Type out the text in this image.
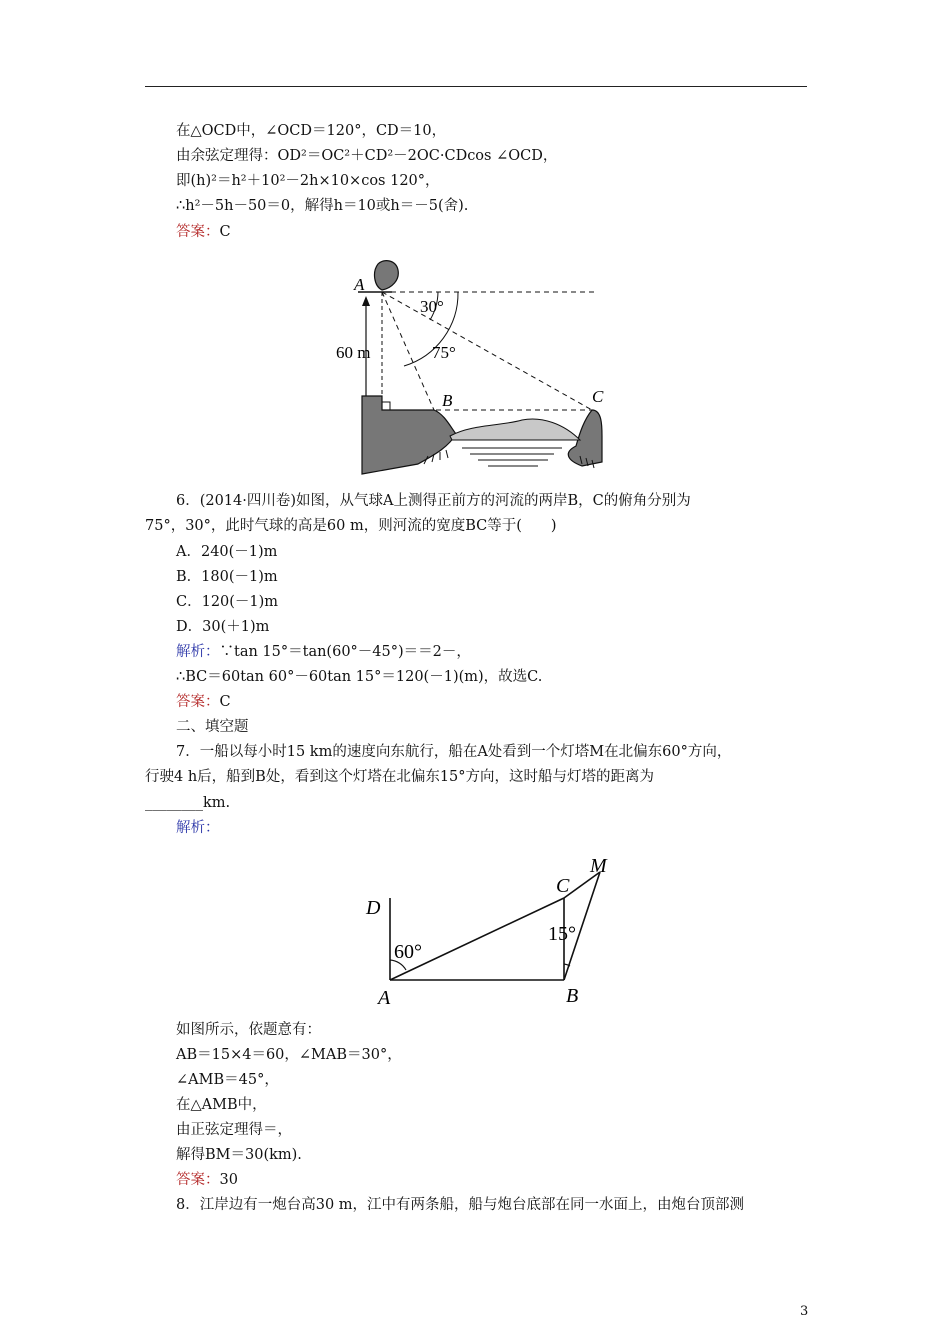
在△OCD中，∠OCD＝120°，CD＝10，
由余弦定理得：OD²＝OC²＋CD²－2OC·CDcos ∠OCD，
即(h)²＝h²＋10²－2h×10×cos 120°，
∴h²－5h－50＝0，解得h＝10或h＝－5(舍).
答案：C
A
B	C
30°
75°
60 m
6．(2014·四川卷)如图，从气球A上测得正前方的河流的两岸B，C的俯角分别为
75°，30°，此时气球的高是60 m，则河流的宽度BC等于(　　)
A．240(－1)m
B．180(－1)m
C．120(－1)m
D．30(＋1)m
解析：∵tan 15°＝tan(60°－45°)＝＝2－，
∴BC＝60tan 60°－60tan 15°＝120(－1)(m)，故选C.
答案：C
二、填空题
7．一船以每小时15 km的速度向东航行，船在A处看到一个灯塔M在北偏东60°方向，
行驶4 h后，船到B处，看到这个灯塔在北偏东15°方向，这时船与灯塔的距离为
________km.
解析：
D
A	B
C
M
60°
15°
如图所示，依题意有：
AB＝15×4＝60，∠MAB＝30°，
∠AMB＝45°，
在△AMB中，
由正弦定理得＝，
解得BM＝30(km).
答案：30
8．江岸边有一炮台高30 m，江中有两条船，船与炮台底部在同一水面上，由炮台顶部测
3
